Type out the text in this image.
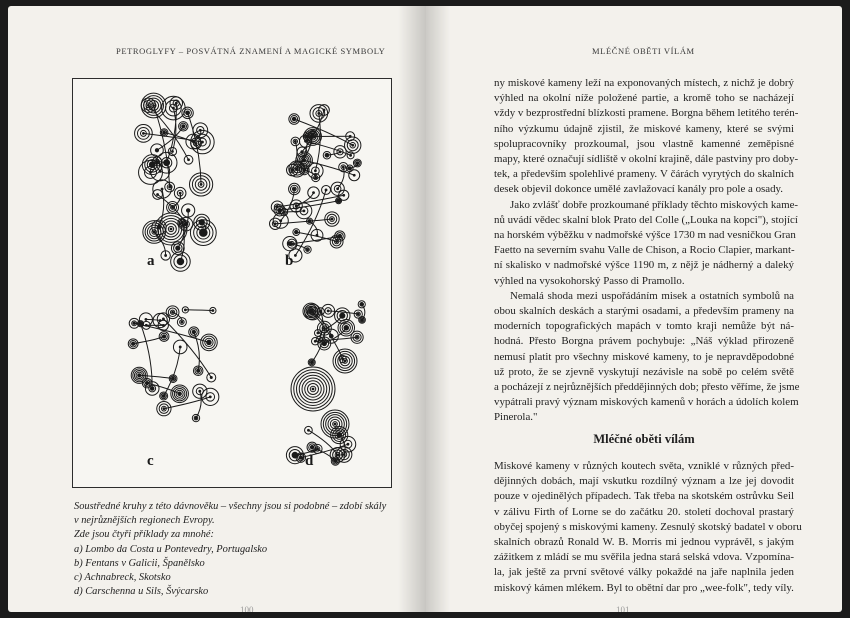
PETROGLYFY – POSVÁTNÁ ZNAMENÍ A MAGICKÉ SYMBOLY
a	b
c	d
Soustředné kruhy z této dávnověku – všechny jsou si podobné – zdobí skály
v nejrůznějších regionech Evropy.
Zde jsou čtyři příklady za mnohé:
a) Lombo da Costa u Pontevedry, Portugalsko
b) Fentans v Galicii, Španělsko
c) Achnabreck, Skotsko
d) Carschenna u Sils, Švýcarsko
100
MLÉČNÉ OBĚTI VÍLÁM
ny miskové kameny leží na exponovaných místech, z nichž je dobrý
výhled na okolní níže položené partie, a kromě toho se nacházejí
vždy v bezprostřední blízkosti pramene. Borgna během letitého terén-
ního výzkumu údajně zjistil, že miskové kameny, které se svými
spolupracovníky prozkoumal, jsou vlastně kamenné zeměpisné
mapy, které označují sídliště v okolní krajině, dále pastviny pro doby-
tek, a především spolehlivé prameny. V čárách vyrytých do skalních
desek objevil dokonce umělé zavlažovací kanály pro pole a osady.
Jako zvlášť dobře prozkoumané příklady těchto miskových kame-
nů uvádí vědec skalní blok Prato del Colle („Louka na kopci"), stojící
na horském výběžku v nadmořské výšce 1730 m nad vesničkou Gran
Faetto na severním svahu Valle de Chison, a Rocio Clapier, markant-
ní skalisko v nadmořské výšce 1190 m, z nějž je nádherný a daleký
výhled na vysokohorský Passo di Pramollo.
Nemalá shoda mezi uspořádáním misek a ostatních symbolů na
obou skalních deskách a starými osadami, a především prameny na
moderních topografických mapách v tomto kraji nemůže být ná-
hodná. Přesto Borgna právem pochybuje: „Náš výklad přirozeně
nemusí platit pro všechny miskové kameny, to je nepravděpodobné
už proto, že se zjevně vyskytují nezávisle na sobě po celém světě
a pocházejí z nejrůznějších předdějinných dob; přesto věříme, že jsme
vypátrali pravý význam miskových kamenů v horách a údolích kolem
Pinerola."
Mléčné oběti vílám
Miskové kameny v různých koutech světa, vzniklé v různých před-
dějinných dobách, mají vskutku rozdílný význam a lze jej dovodit
pouze v ojedinělých případech. Tak třeba na skotském ostrůvku Seil
v zálivu Firth of Lorne se do začátku 20. století dochoval prastarý
obyčej spojený s miskovými kameny. Zesnulý skotský badatel v oboru
skalních obrazů Ronald W. B. Morris mi jednou vyprávěl, s jakým
zážitkem z mládí se mu svěřila jedna stará selská vdova. Vzpomína-
la, jak ještě za první světové války pokaždé na jaře naplnila jeden
miskový kámen mlékem. Byl to obětní dar pro „wee-folk", tedy víly.
101
